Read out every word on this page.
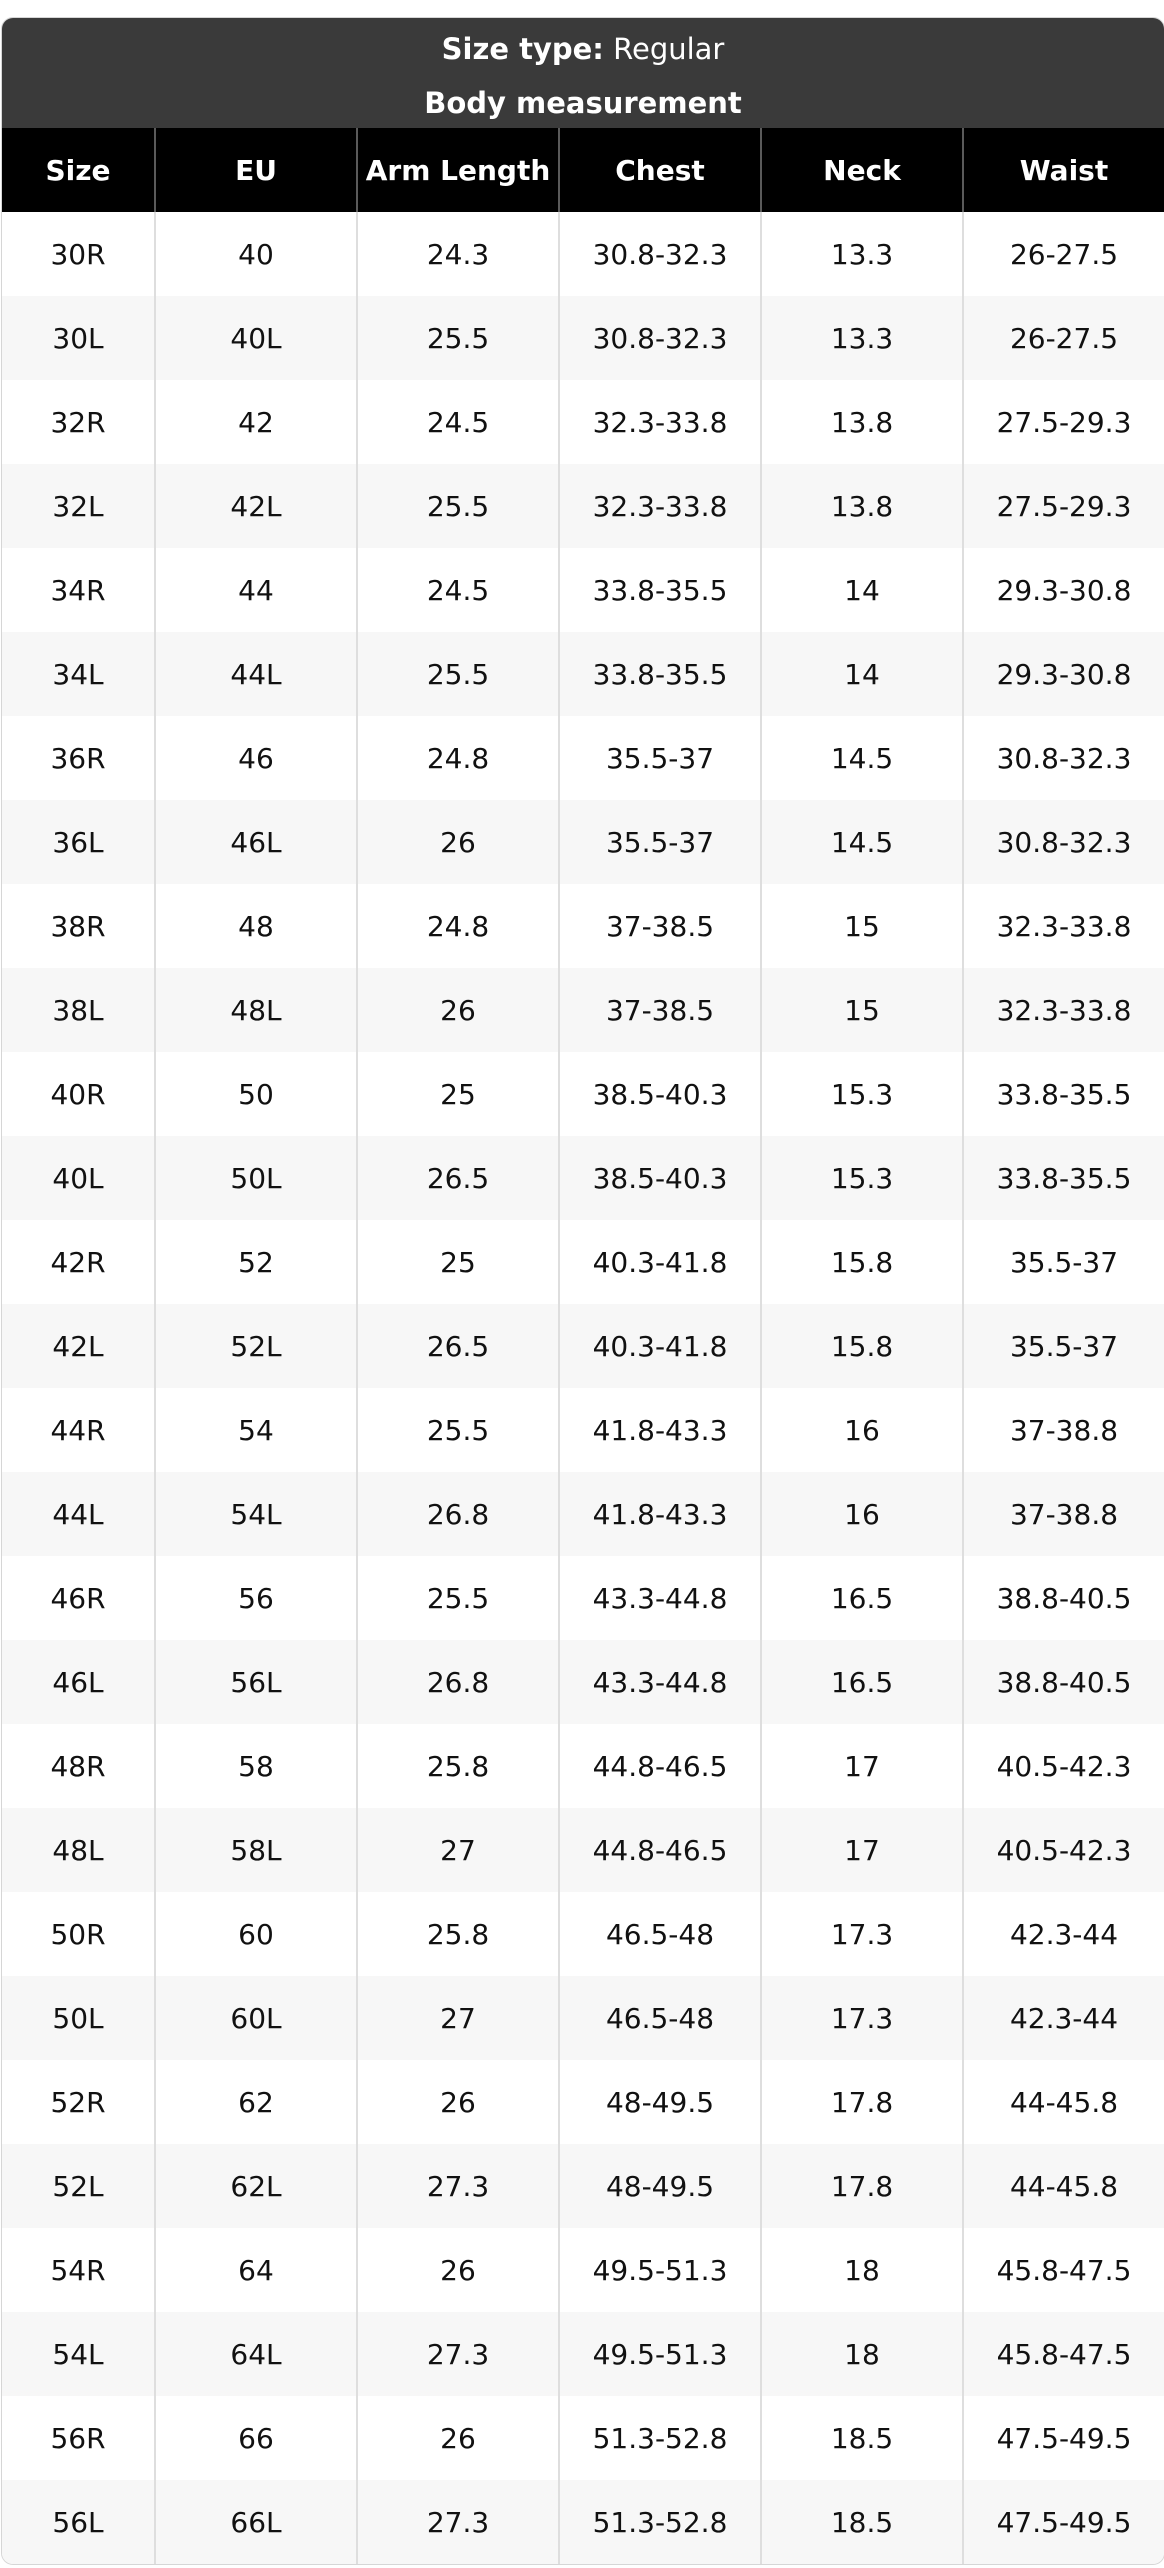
Size type: Regular
Body measurement
Size	EU	Arm Length	Chest	Neck	Waist
30R	40	24.3	30.8-32.3	13.3	26-27.5
30L	40L	25.5	30.8-32.3	13.3	26-27.5
32R	42	24.5	32.3-33.8	13.8	27.5-29.3
32L	42L	25.5	32.3-33.8	13.8	27.5-29.3
34R	44	24.5	33.8-35.5	14	29.3-30.8
34L	44L	25.5	33.8-35.5	14	29.3-30.8
36R	46	24.8	35.5-37	14.5	30.8-32.3
36L	46L	26	35.5-37	14.5	30.8-32.3
38R	48	24.8	37-38.5	15	32.3-33.8
38L	48L	26	37-38.5	15	32.3-33.8
40R	50	25	38.5-40.3	15.3	33.8-35.5
40L	50L	26.5	38.5-40.3	15.3	33.8-35.5
42R	52	25	40.3-41.8	15.8	35.5-37
42L	52L	26.5	40.3-41.8	15.8	35.5-37
44R	54	25.5	41.8-43.3	16	37-38.8
44L	54L	26.8	41.8-43.3	16	37-38.8
46R	56	25.5	43.3-44.8	16.5	38.8-40.5
46L	56L	26.8	43.3-44.8	16.5	38.8-40.5
48R	58	25.8	44.8-46.5	17	40.5-42.3
48L	58L	27	44.8-46.5	17	40.5-42.3
50R	60	25.8	46.5-48	17.3	42.3-44
50L	60L	27	46.5-48	17.3	42.3-44
52R	62	26	48-49.5	17.8	44-45.8
52L	62L	27.3	48-49.5	17.8	44-45.8
54R	64	26	49.5-51.3	18	45.8-47.5
54L	64L	27.3	49.5-51.3	18	45.8-47.5
56R	66	26	51.3-52.8	18.5	47.5-49.5
56L	66L	27.3	51.3-52.8	18.5	47.5-49.5
